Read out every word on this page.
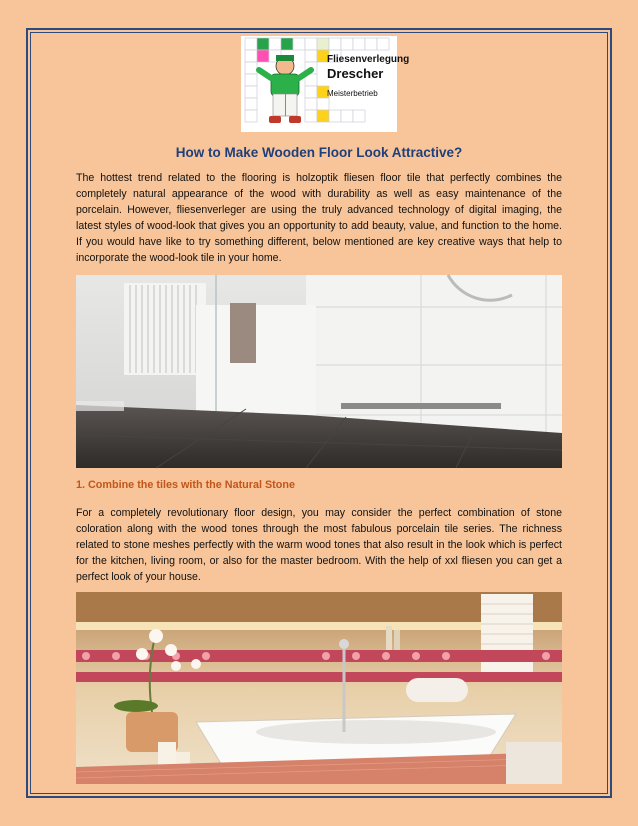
Fliesenverlegung
Drescher
Meisterbetrieb
How to Make Wooden Floor Look Attractive?

The hottest trend related to the flooring is holzoptik fliesen floor tile that perfectly combines the completely natural appearance of the wood with durability as well as easy maintenance of the porcelain. However, fliesenverleger are using the truly advanced technology of digital imaging, the latest styles of wood-look that gives you an opportunity to add beauty, value, and function to the home. If you would have like to try something different, below mentioned are key creative ways that help to incorporate the wood-look tile in your home.

1. Combine the tiles with the Natural Stone

For a completely revolutionary floor design, you may consider the perfect combination of stone coloration along with the wood tones through the most fabulous porcelain tile series. The richness related to stone meshes perfectly with the warm wood tones that also result in the look which is perfect for the kitchen, living room, or also for the master bedroom. With the help of xxl fliesen you can get a perfect look of your house.
